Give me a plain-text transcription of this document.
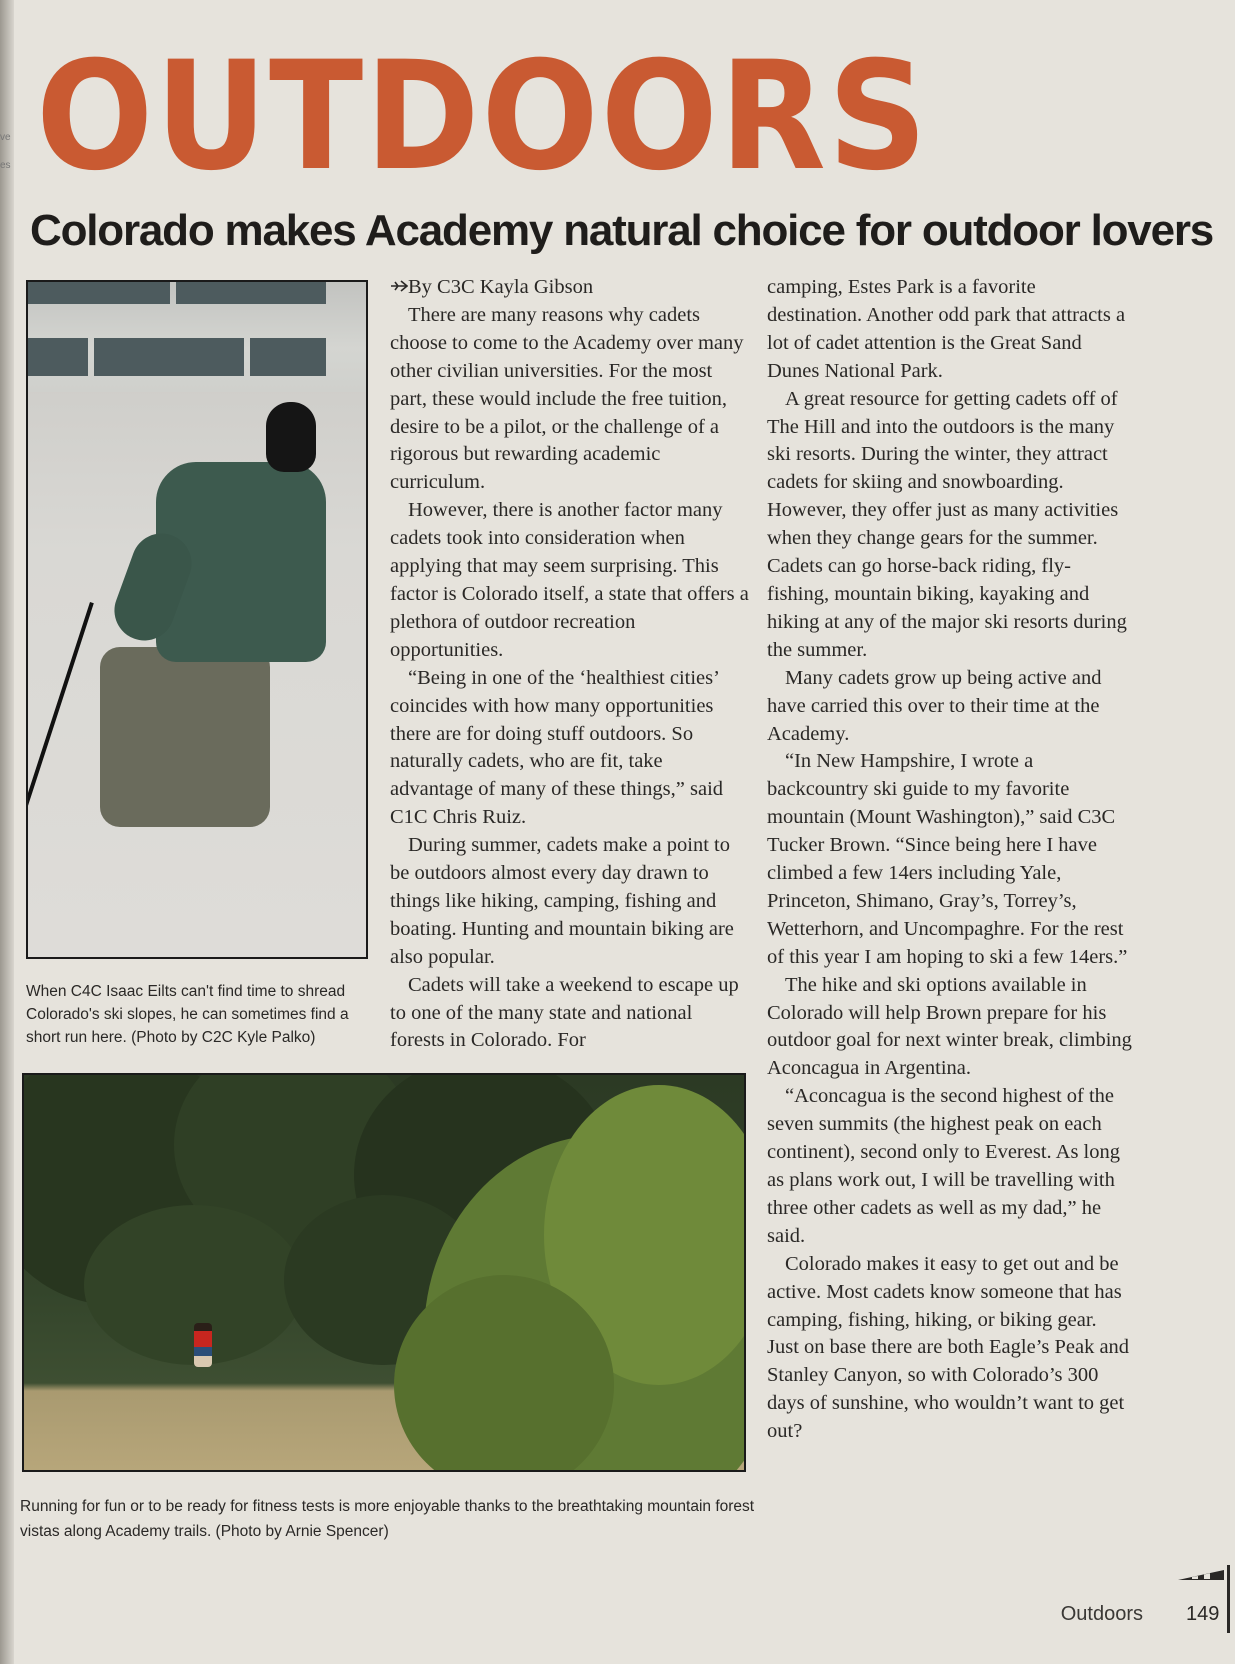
ve
es OUTDOORS
Colorado makes Academy natural choice for outdoor lovers
When C4C Isaac Eilts can't find time to shread Colorado's ski slopes, he can sometimes find a short run here. (Photo by C2C Kyle Palko)
Running for fun or to be ready for fitness tests is more enjoyable thanks to the breathtaking mountain forest vistas along Academy trails. (Photo by Arnie Spencer)

By C3C Kayla Gibson

There are many reasons why cadets choose to come to the Academy over many other civilian universities. For the most part, these would include the free tuition, desire to be a pilot, or the challenge of a rigorous but rewarding academic curriculum.

However, there is another factor many cadets took into consideration when applying that may seem surprising. This factor is Colorado itself, a state that offers a plethora of outdoor recreation opportunities.

“Being in one of the ‘healthiest cities’ coincides with how many opportunities there are for doing stuff outdoors. So naturally cadets, who are fit, take advantage of many of these things,” said C1C Chris Ruiz.

During summer, cadets make a point to be outdoors almost every day drawn to things like hiking, camping, fishing and boating. Hunting and mountain biking are also popular.

Cadets will take a weekend to escape up to one of the many state and national forests in Colorado. For

camping, Estes Park is a favorite destination. Another odd park that attracts a lot of cadet attention is the Great Sand Dunes National Park.

A great resource for getting cadets off of The Hill and into the outdoors is the many ski resorts. During the winter, they attract cadets for skiing and snowboarding. However, they offer just as many activities when they change gears for the summer. Cadets can go horse-back riding, fly-fishing, mountain biking, kayaking and hiking at any of the major ski resorts during the summer.

Many cadets grow up being active and have carried this over to their time at the Academy.

“In New Hampshire, I wrote a backcountry ski guide to my favorite mountain (Mount Washington),” said C3C Tucker Brown. “Since being here I have climbed a few 14ers including Yale, Princeton, Shimano, Gray’s, Torrey’s, Wetterhorn, and Uncompaghre. For the rest of this year I am hoping to ski a few 14ers.”

The hike and ski options available in Colorado will help Brown prepare for his outdoor goal for next winter break, climbing Aconcagua in Argentina.

“Aconcagua is the second highest of the seven summits (the highest peak on each continent), second only to Everest. As long as plans work out, I will be travelling with three other cadets as well as my dad,” he said.

Colorado makes it easy to get out and be active. Most cadets know someone that has camping, fishing, hiking, or biking gear. Just on base there are both Eagle’s Peak and Stanley Canyon, so with Colorado’s 300 days of sunshine, who wouldn’t want to get out?

Outdoors 149
